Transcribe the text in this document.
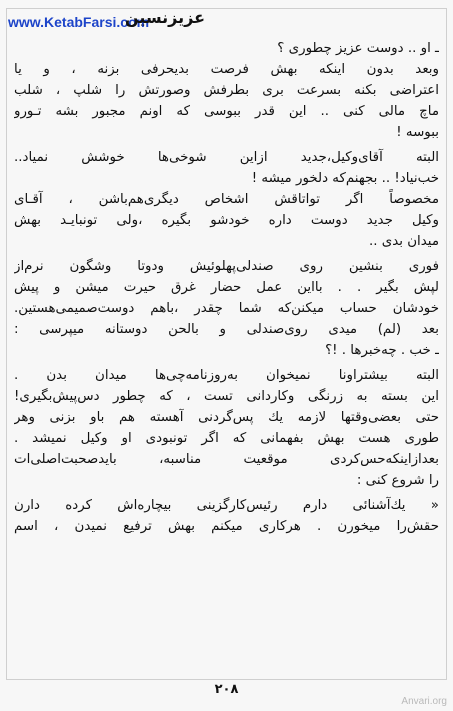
www.KetabFarsi.com
عزیزنسین
ـ او .. دوست عزیز چطوری ؟
وبعد بدون اینکه بهش فرصت بدیحرفی بزنه ، و یا
اعتراضی بکنه بسرعت بری بطرفش وصورتش را شلپ ، شلب
ماچ مالی کنی .. این قدر ببوسی که اونم مجبور بشه تـورو
ببوسه !
البته آقای‌وکیل،جدید ازاین شوخی‌ها خوشش نمیاد..
خب‌نیاد! .. بجهنم‌که دلخور میشه !
مخصوصاً اگر تواتاقش اشخاص دیگری‌هم‌باشن ، آقـای
وکیل جدید دوست داره خودشو بگیره ،ولی تونبایـد بهش
میدان بدی ..
فوری بنشین روی صندلی‌پهلوئیش ودوتا وشگون نرم‌از
لپش بگیر . . بااین عمل حضار غرق حیرت میشن و پیش
خودشان حساب میکنن‌که شما چقدر ،باهم دوست‌صمیمی‌هستین.
بعد (لم) میدی روی‌صندلی و بالحن دوستانه میپرسی :
ـ خب . چه‌خبرها . !؟
البته بیشتراونا نمیخوان به‌روزنامه‌چی‌ها میدان بدن .
این بسته به زرنگی وکاردانی تست ، که چطور دس‌پیش‌بگیری!
حتی بعضی‌وقتها لازمه یك پس‌گردنی آهسته هم باو بزنی وهر
طوری هست بهش بفهمانی که اگر تونبودی او وکیل نمیشد .
بعدازاینکه‌حس‌کردی موقعیت مناسبه، بایدصحبت‌اصلی‌ات
را شروع کنی :
« یك‌آشنائی دارم رئیس‌کارگزینی بیچاره‌اش کرده دارن
حقش‌را میخورن . هرکاری میکنم بهش ترفیع نمیدن ، اسم
۲۰۸
Anvari.org
